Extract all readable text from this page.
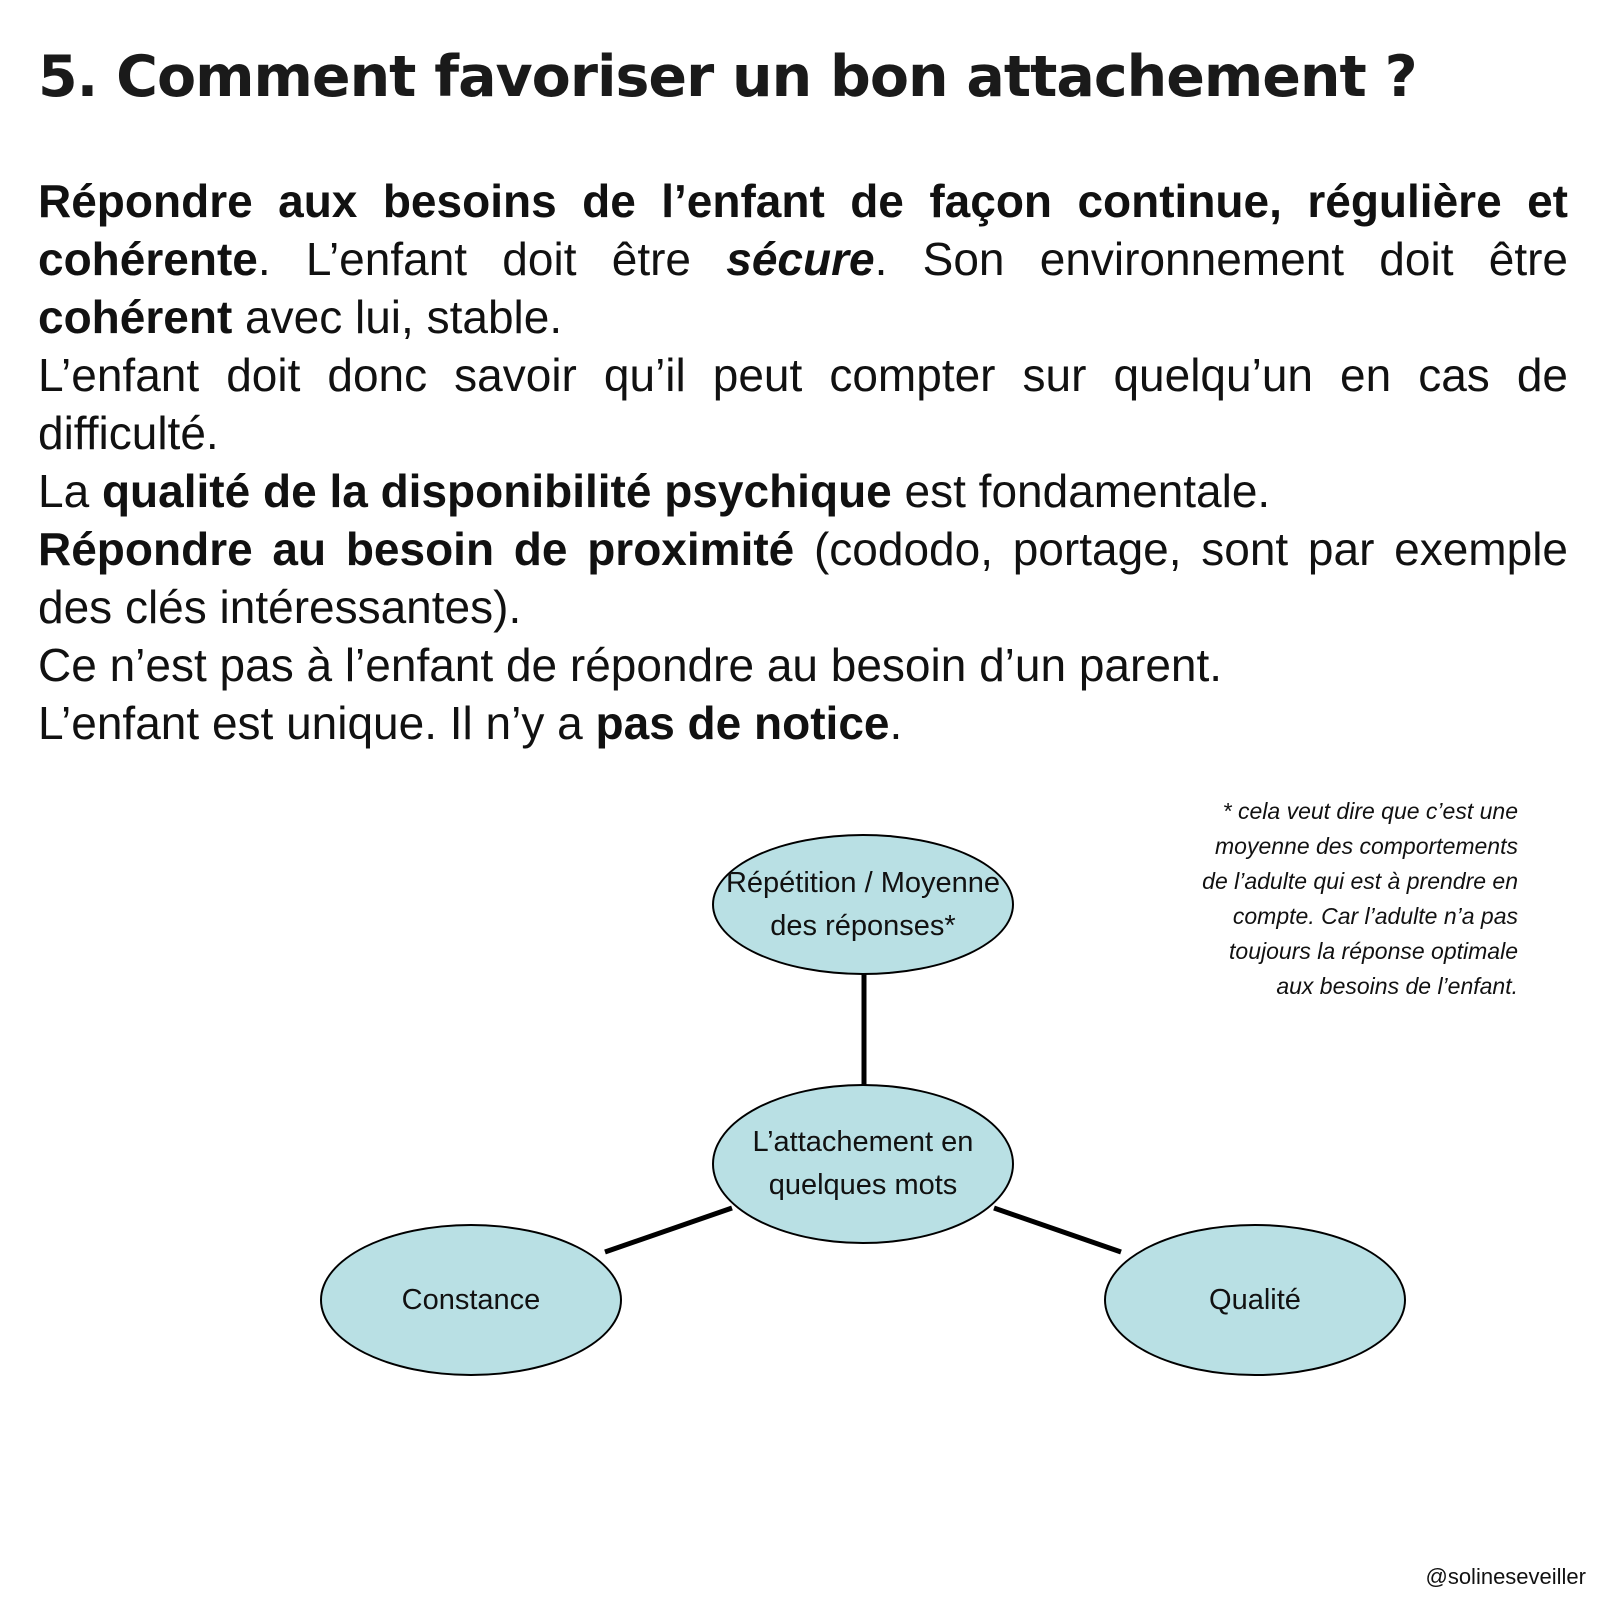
5. Comment favoriser un bon attachement ?

Répondre aux besoins de l’enfant de façon continue, régulière et cohérente. L’enfant doit être sécure. Son environnement doit être cohérent avec lui, stable.

L’enfant doit donc savoir qu’il peut compter sur quelqu’un en cas de difficulté.

La qualité de la disponibilité psychique est fondamentale.

Répondre au besoin de proximité (cododo, portage, sont par exemple des clés intéressantes).

Ce n’est pas à l’enfant de répondre au besoin d’un parent.

L’enfant est unique. Il n’y a pas de notice.

* cela veut dire que c’est une moyenne des comportements de l’adulte qui est à prendre en compte. Car l’adulte n’a pas toujours la réponse optimale aux besoins de l’enfant.
Répétition / Moyenne des réponses*
L’attachement en quelques mots
Constance	Qualité
@solineseveiller
